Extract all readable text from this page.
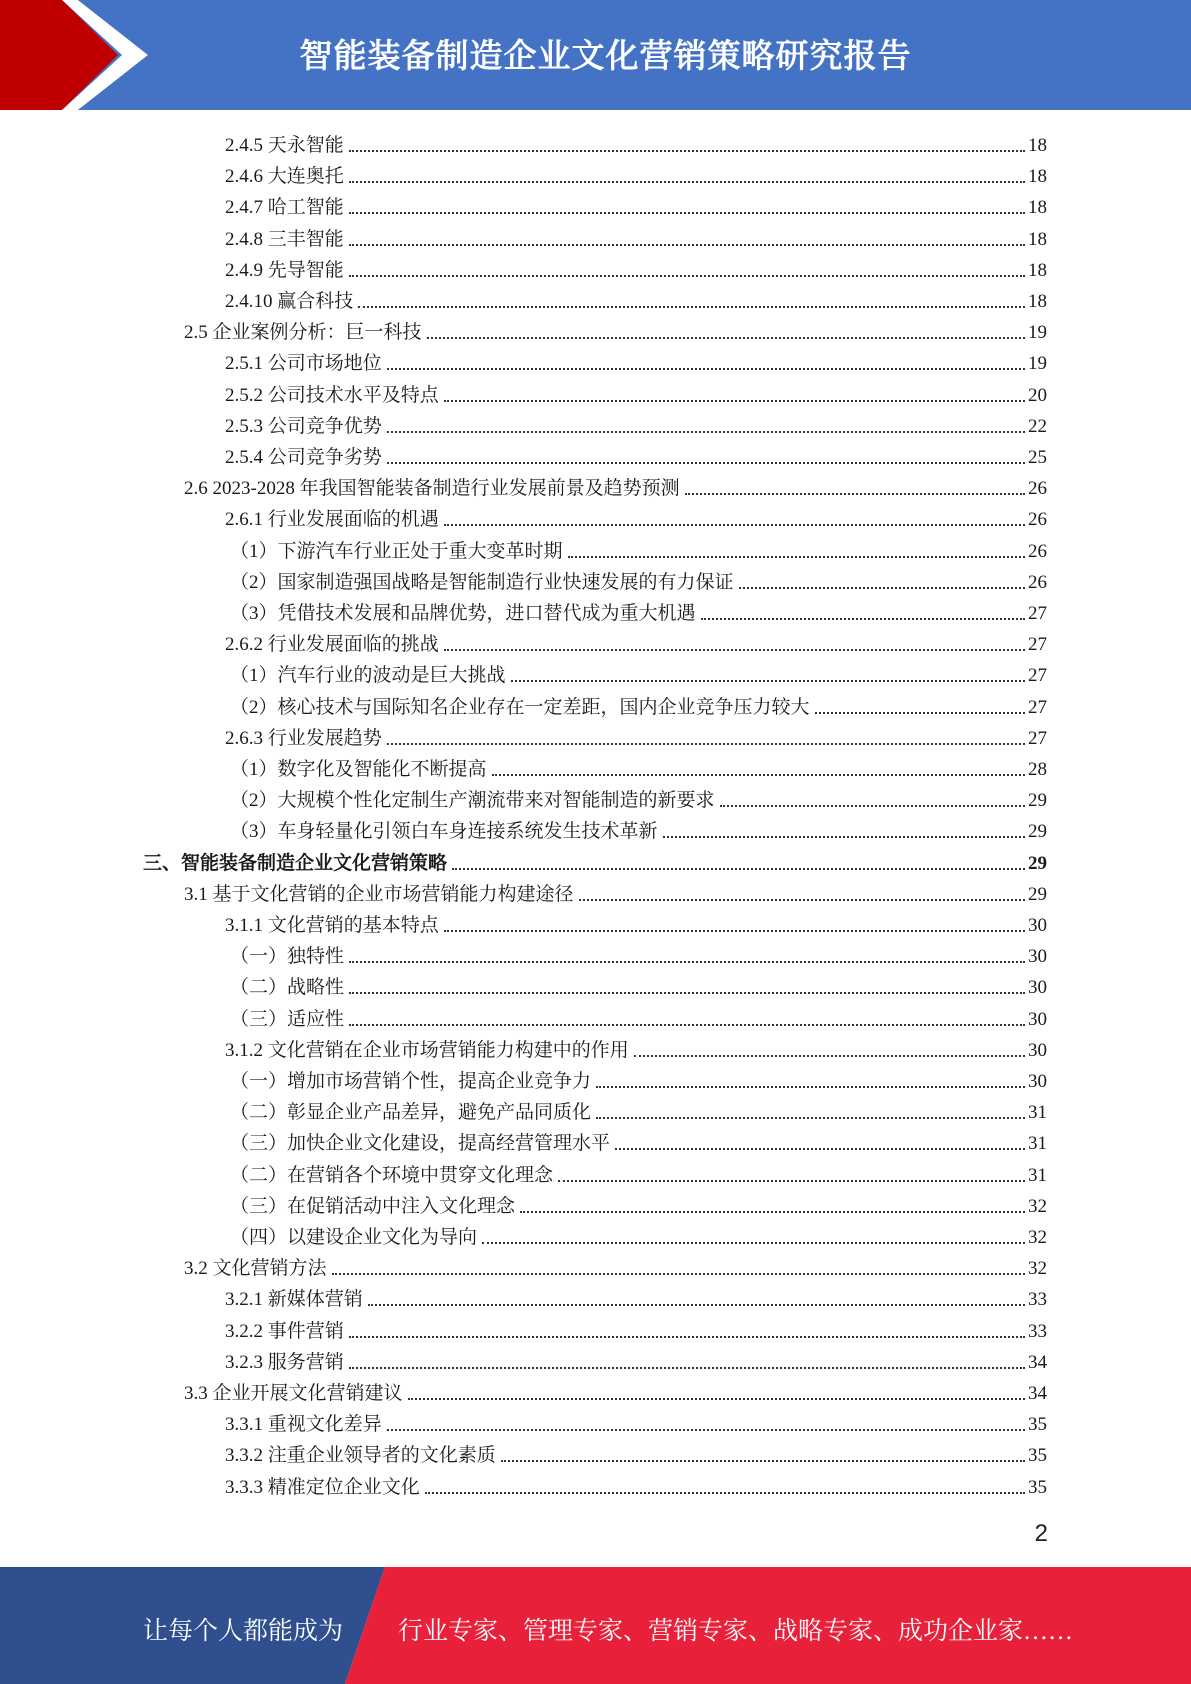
智能装备制造企业文化营销策略研究报告
2.4.5 天永智能	18
2.4.6 大连奥托	18
2.4.7 哈工智能	18
2.4.8 三丰智能	18
2.4.9 先导智能	18
2.4.10 赢合科技	18
2.5 企业案例分析：巨一科技	19
2.5.1 公司市场地位	19
2.5.2 公司技术水平及特点	20
2.5.3 公司竞争优势	22
2.5.4 公司竞争劣势	25
2.6 2023-2028 年我国智能装备制造行业发展前景及趋势预测	26
2.6.1 行业发展面临的机遇	26
（1）下游汽车行业正处于重大变革时期	26
（2）国家制造强国战略是智能制造行业快速发展的有力保证	26
（3）凭借技术发展和品牌优势，进口替代成为重大机遇	27
2.6.2 行业发展面临的挑战	27
（1）汽车行业的波动是巨大挑战	27
（2）核心技术与国际知名企业存在一定差距，国内企业竞争压力较大	27
2.6.3 行业发展趋势	27
（1）数字化及智能化不断提高	28
（2）大规模个性化定制生产潮流带来对智能制造的新要求	29
（3）车身轻量化引领白车身连接系统发生技术革新	29
三、智能装备制造企业文化营销策略	29
3.1 基于文化营销的企业市场营销能力构建途径	29
3.1.1 文化营销的基本特点	30
（一）独特性	30
（二）战略性	30
（三）适应性	30
3.1.2 文化营销在企业市场营销能力构建中的作用	30
（一）增加市场营销个性，提高企业竞争力	30
（二）彰显企业产品差异，避免产品同质化	31
（三）加快企业文化建设，提高经营管理水平	31
（二）在营销各个环境中贯穿文化理念	31
（三）在促销活动中注入文化理念	32
（四）以建设企业文化为导向	32
3.2 文化营销方法	32
3.2.1 新媒体营销	33
3.2.2 事件营销	33
3.2.3 服务营销	34
3.3 企业开展文化营销建议	34
3.3.1 重视文化差异	35
3.3.2 注重企业领导者的文化素质	35
3.3.3 精准定位企业文化	35
2
让每个人都能成为 行业专家、管理专家、营销专家、战略专家、成功企业家……
